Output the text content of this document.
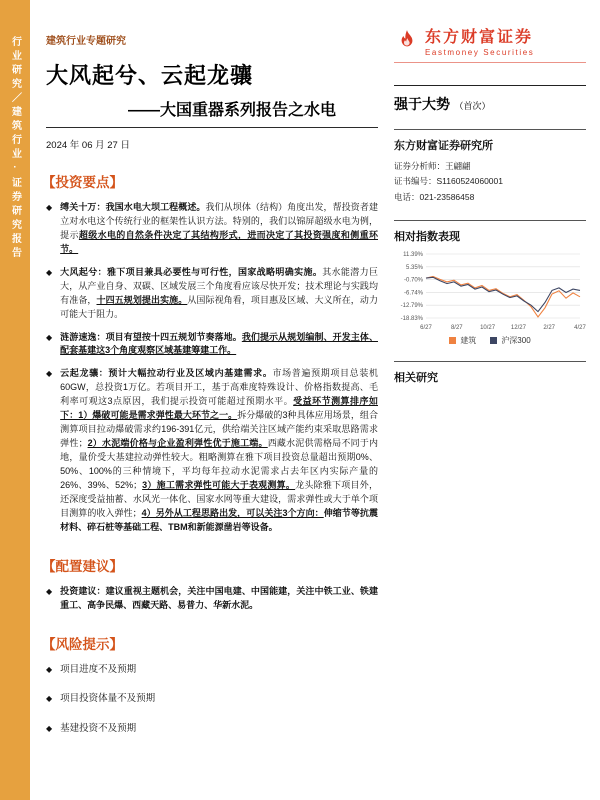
行业研究／建筑行业·证券研究报告	建筑行业专题研究
大风起兮、云起龙骧
——大国重器系列报告之水电
2024 年 06 月 27 日
【投资要点】
◆ 缚关十万：我国水电大坝工程概述。我们从坝体（结构）角度出发，帮投资者建立对水电这个传统行业的框架性认识方法。特别的，我们以锦屏超级水电为例，提示超级水电的自然条件决定了其结构形式，进而决定了其投资强度和侧重环节。

◆ 大风起兮：雅下项目兼具必要性与可行性，国家战略明确实施。其水能潜力巨大，从产业自身、双碳、区域发展三个角度看应该尽快开发；技术理论与实践均有准备，十四五规划提出实施。从国际视角看，项目惠及区域、大义所在，动力可能大于阻力。

◆ 涟游速逸：项目有望按十四五规划节奏落地。我们提示从规划编制、开发主体、配套基建这3个角度观察区域基建筹建工作。

◆ 云起龙骧：预计大幅拉动行业及区域内基建需求。市场普遍预期项目总装机60GW，总投资1万亿。若项目开工，基于高难度特殊设计、价格指数提高、毛利率可观这3点原因，我们提示投资可能超过预期水平。受益环节测算排序如下：1）爆破可能是需求弹性最大环节之一。拆分爆破的3种具体应用场景，组合测算项目拉动爆破需求约196-391亿元，供给端关注区域产能约束采取思路需求弹性；2）水泥端价格与企业盈利弹性优于施工端。西藏水泥供需格局不同于内地，量价受大基建拉动弹性较大。粗略测算在雅下项目投资总量超出预期0%、50%、100%的三种情境下，平均每年拉动水泥需求占去年区内实际产量的26%、39%、52%；3）施工需求弹性可能大于表观测算。龙头除雅下项目外，还深度受益抽蓄、水风光一体化、国家水网等重大建设，需求弹性或大于单个项目测算的收入弹性；4）另外从工程思路出发，可以关注3个方向：伸缩节等抗震材料、碎石桩等基础工程、TBM和新能源凿岩等设备。

【配置建议】
◆ 投资建议：建议重视主题机会，关注中国电建、中国能建，关注中铁工业、铁建重工、高争民爆、西藏天路、易普力、华新水泥。

【风险提示】
◆ 项目进度不及预期

◆ 项目投资体量不及预期

◆ 基建投资不及预期

东方财富证券
Eastmoney Securities
强于大势 （首次）
东方财富证券研究所
证券分析师：王翩翩
证书编号：S1160524060001
电话：021-23586458
相对指数表现
11.39%
5.35%
-0.70%
-6.74%
-12.79%
-18.83%
6/27	8/27	10/27	12/27	2/27	4/27
建筑	沪深300
相关研究
